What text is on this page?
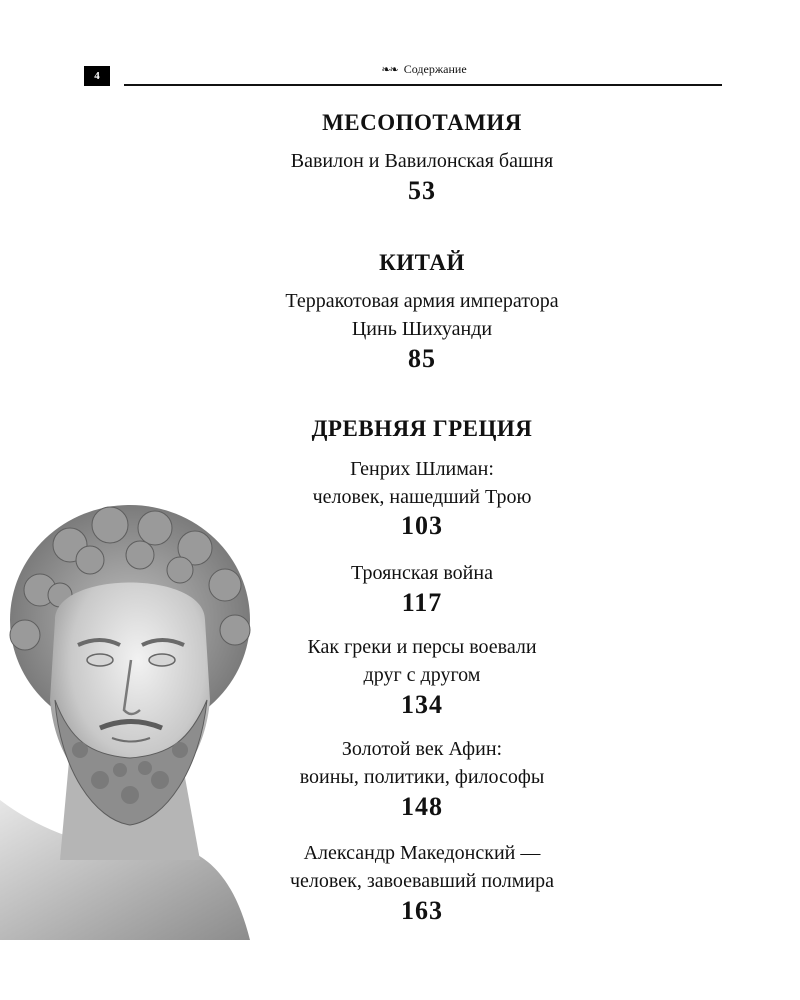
4	❧❧ Содержание
МЕСОПОТАМИЯ
Вавилон и Вавилонская башня
53
КИТАЙ
Терракотовая армия императора
Цинь Шихуанди
85
ДРЕВНЯЯ ГРЕЦИЯ
Генрих Шлиман:
человек, нашедший Трою
103
Троянская война
117
Как греки и персы воевали
друг с другом
134
Золотой век Афин:
воины, политики, философы
148
Александр Македонский —
человек, завоевавший полмира
163
